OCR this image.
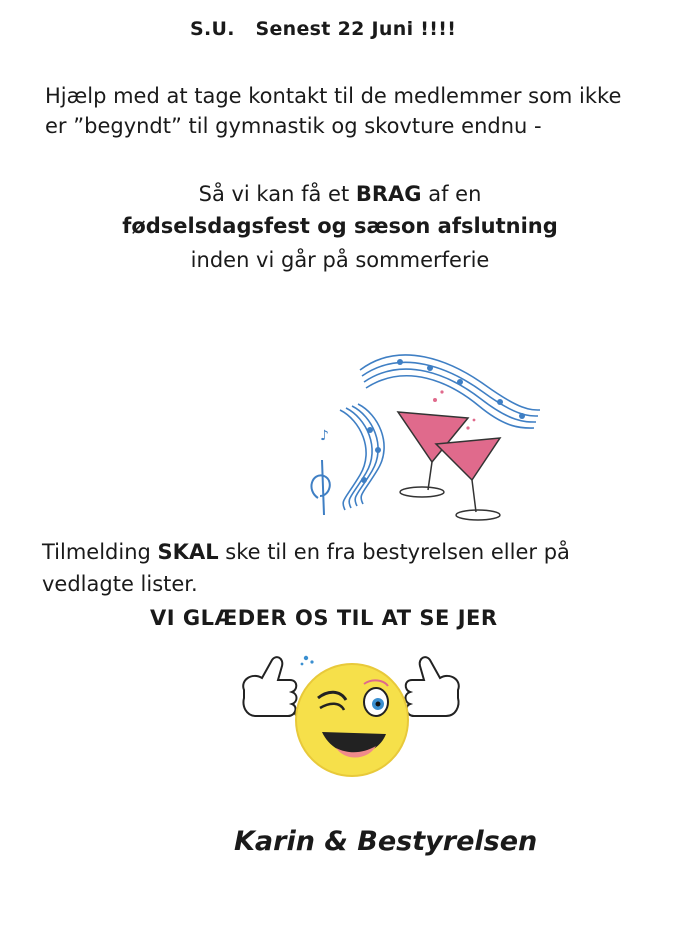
S.U. Senest 22 Juni !!!!
Hjælp med at tage kontakt til de medlemmer som ikke
er ”begyndt” til gymnastik og skovture endnu -
Så vi kan få et BRAG af en
fødselsdagsfest og sæson afslutning
inden vi går på sommerferie
♪
Tilmelding SKAL ske til en fra bestyrelsen eller på
vedlagte lister.
VI GLÆDER OS TIL AT SE JER
Karin & Bestyrelsen
